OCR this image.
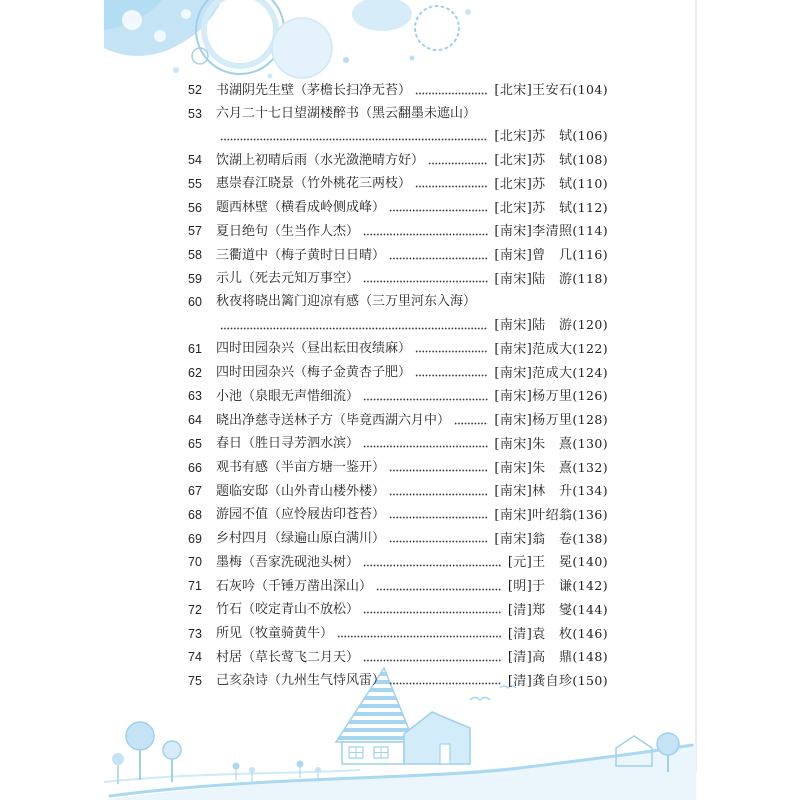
52	书湖阴先生壁（茅檐长扫净无苔）	[北宋]王安石(104)
53	六月二十七日望湖楼醉书（黑云翻墨未遮山）
[北宋]苏　轼(106)
54	饮湖上初晴后雨（水光潋滟晴方好）	[北宋]苏　轼(108)
55	惠崇春江晓景（竹外桃花三两枝）	[北宋]苏　轼(110)
56	题西林壁（横看成岭侧成峰）	[北宋]苏　轼(112)
57	夏日绝句（生当作人杰）	[南宋]李清照(114)
58	三衢道中（梅子黄时日日晴）	[南宋]曾　几(116)
59	示儿（死去元知万事空）	[南宋]陆　游(118)
60	秋夜将晓出篱门迎凉有感（三万里河东入海）
[南宋]陆　游(120)
61	四时田园杂兴（昼出耘田夜绩麻）	[南宋]范成大(122)
62	四时田园杂兴（梅子金黄杏子肥）	[南宋]范成大(124)
63	小池（泉眼无声惜细流）	[南宋]杨万里(126)
64	晓出净慈寺送林子方（毕竟西湖六月中）	[南宋]杨万里(128)
65	春日（胜日寻芳泗水滨）	[南宋]朱　熹(130)
66	观书有感（半亩方塘一鉴开）	[南宋]朱　熹(132)
67	题临安邸（山外青山楼外楼）	[南宋]林　升(134)
68	游园不值（应怜屐齿印苍苔）	[南宋]叶绍翁(136)
69	乡村四月（绿遍山原白满川）	[南宋]翁　卷(138)
70	墨梅（吾家洗砚池头树）	[元]王　冕(140)
71	石灰吟（千锤万凿出深山）	[明]于　谦(142)
72	竹石（咬定青山不放松）	[清]郑　燮(144)
73	所见（牧童骑黄牛）	[清]袁　枚(146)
74	村居（草长莺飞二月天）	[清]高　鼎(148)
75	己亥杂诗（九州生气恃风雷）	[清]龚自珍(150)
